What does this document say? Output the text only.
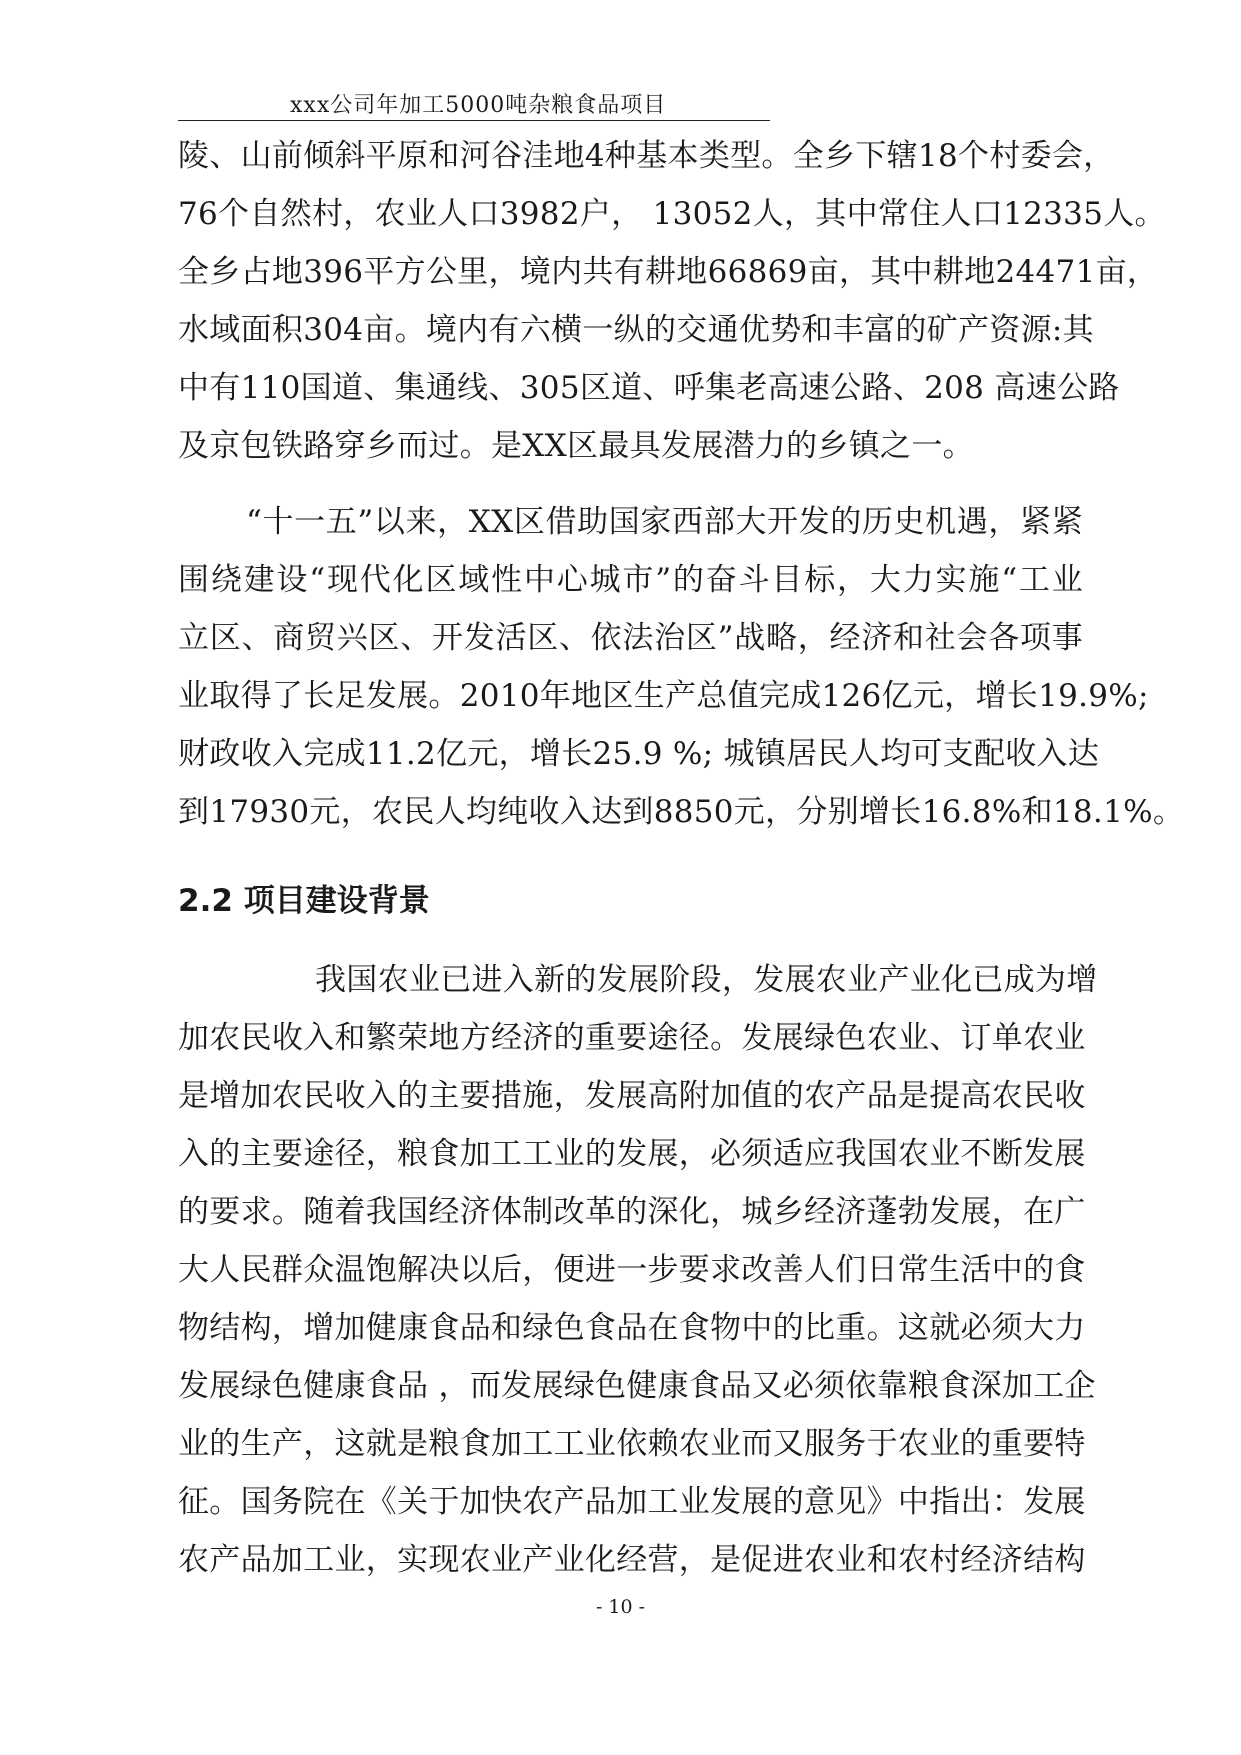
xxx公司年加工5000吨杂粮食品项目
陵、山前倾斜平原和河谷洼地4种基本类型。全乡下辖18个村委会，
76个自然村，农业人口3982户， 13052人，其中常住人口12335人。
全乡占地396平方公里，境内共有耕地66869亩，其中耕地24471亩，
水域面积304亩。境内有六横一纵的交通优势和丰富的矿产资源:其
中有110国道、集通线、305区道、呼集老高速公路、208 高速公路
及京包铁路穿乡而过。是XX区最具发展潜力的乡镇之一。
“十一五”以来，XX区借助国家西部大开发的历史机遇，紧紧
围绕建设“现代化区域性中心城市”的奋斗目标，大力实施“工业
立区、商贸兴区、开发活区、依法治区”战略，经济和社会各项事
业取得了长足发展。2010年地区生产总值完成126亿元，增长19.9%;
财政收入完成11.2亿元，增长25.9 %; 城镇居民人均可支配收入达
到17930元，农民人均纯收入达到8850元，分别增长16.8%和18.1%。
2.2 项目建设背景
我国农业已进入新的发展阶段，发展农业产业化已成为增
加农民收入和繁荣地方经济的重要途径。发展绿色农业、订单农业
是增加农民收入的主要措施，发展高附加值的农产品是提高农民收
入的主要途径，粮食加工工业的发展，必须适应我国农业不断发展
的要求。随着我国经济体制改革的深化，城乡经济蓬勃发展，在广
大人民群众温饱解决以后，便进一步要求改善人们日常生活中的食
物结构，增加健康食品和绿色食品在食物中的比重。这就必须大力
发展绿色健康食品 ，而发展绿色健康食品又必须依靠粮食深加工企
业的生产，这就是粮食加工工业依赖农业而又服务于农业的重要特
征。国务院在《关于加快农产品加工业发展的意见》中指出：发展
农产品加工业，实现农业产业化经营，是促进农业和农村经济结构
- 10 -
